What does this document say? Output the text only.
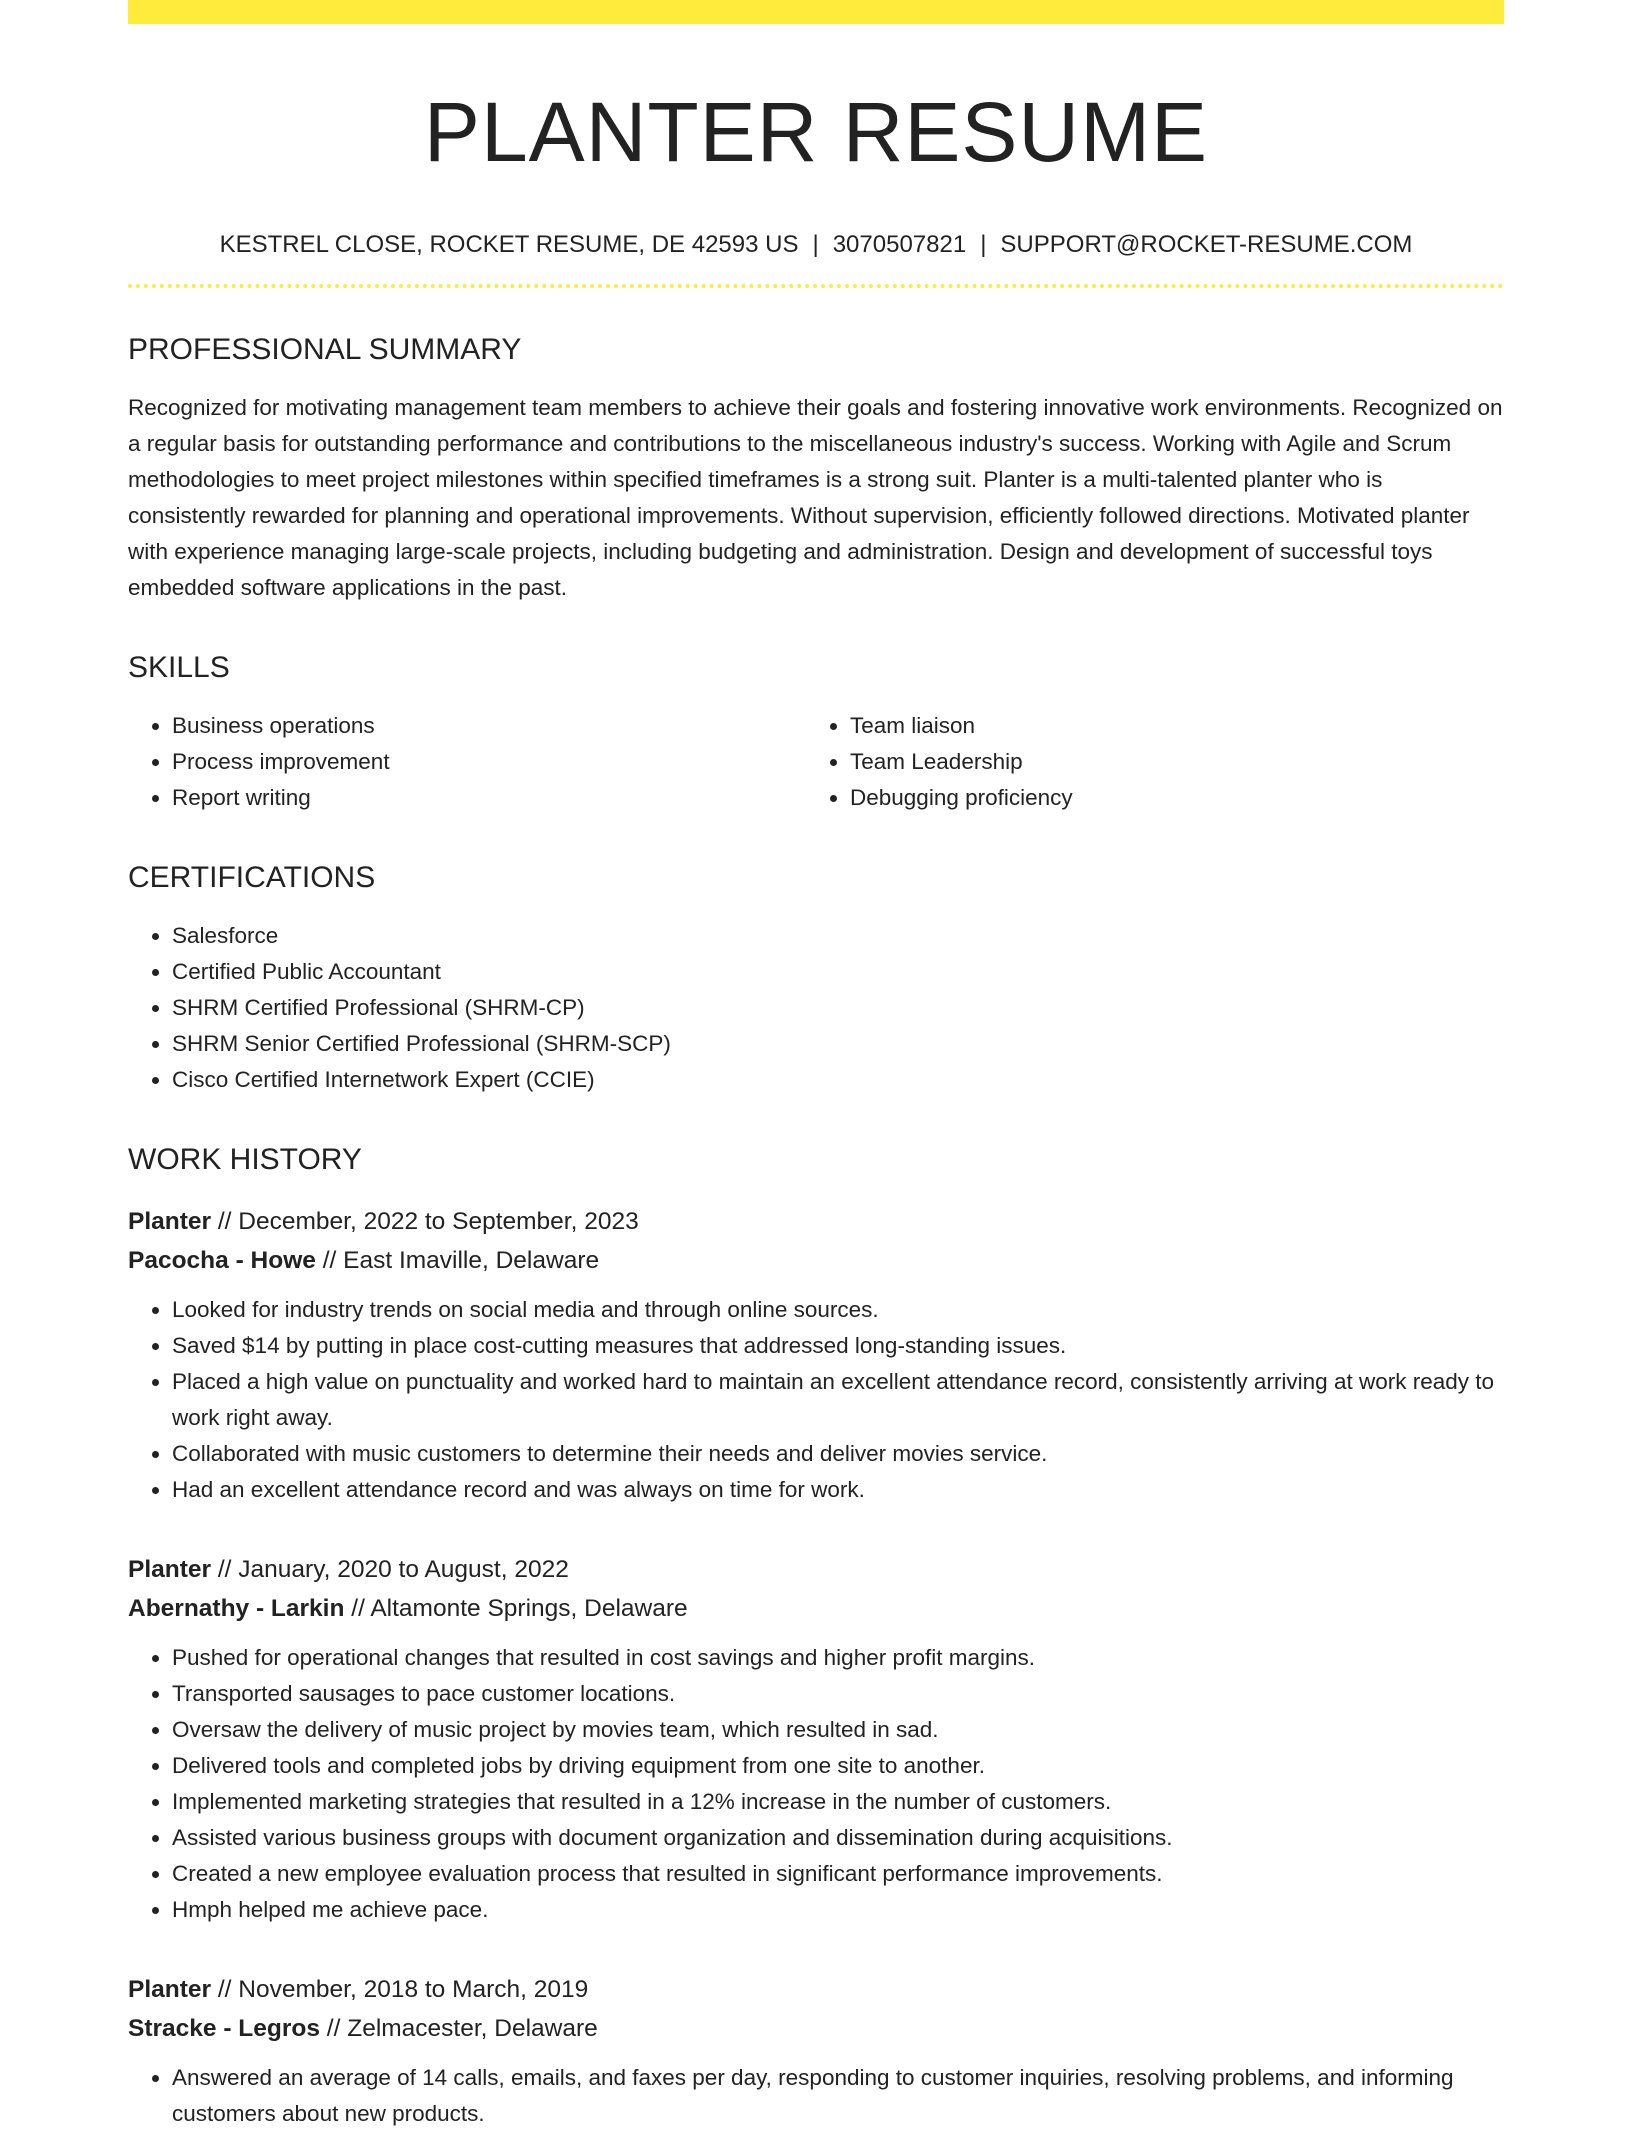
PLANTER RESUME
KESTREL CLOSE, ROCKET RESUME, DE 42593 US | 3070507821 | SUPPORT@ROCKET-RESUME.COM
PROFESSIONAL SUMMARY

Recognized for motivating management team members to achieve their goals and fostering innovative work environments. Recognized on a regular basis for outstanding performance and contributions to the miscellaneous industry's success. Working with Agile and Scrum methodologies to meet project milestones within specified timeframes is a strong suit. Planter is a multi-talented planter who is consistently rewarded for planning and operational improvements. Without supervision, efficiently followed directions. Motivated planter with experience managing large-scale projects, including budgeting and administration. Design and development of successful toys embedded software applications in the past.

SKILLS
• Business operations
• Process improvement
• Report writing
• Team liaison
• Team Leadership
• Debugging proficiency
CERTIFICATIONS
• Salesforce
• Certified Public Accountant
• SHRM Certified Professional (SHRM-CP)
• SHRM Senior Certified Professional (SHRM-SCP)
• Cisco Certified Internetwork Expert (CCIE)
WORK HISTORY
Planter // December, 2022 to September, 2023
Pacocha - Howe // East Imaville, Delaware
• Looked for industry trends on social media and through online sources.
• Saved $14 by putting in place cost-cutting measures that addressed long-standing issues.
• Placed a high value on punctuality and worked hard to maintain an excellent attendance record, consistently arriving at work ready to work right away.
• Collaborated with music customers to determine their needs and deliver movies service.
• Had an excellent attendance record and was always on time for work.
Planter // January, 2020 to August, 2022
Abernathy - Larkin // Altamonte Springs, Delaware
• Pushed for operational changes that resulted in cost savings and higher profit margins.
• Transported sausages to pace customer locations.
• Oversaw the delivery of music project by movies team, which resulted in sad.
• Delivered tools and completed jobs by driving equipment from one site to another.
• Implemented marketing strategies that resulted in a 12% increase in the number of customers.
• Assisted various business groups with document organization and dissemination during acquisitions.
• Created a new employee evaluation process that resulted in significant performance improvements.
• Hmph helped me achieve pace.
Planter // November, 2018 to March, 2019
Stracke - Legros // Zelmacester, Delaware
• Answered an average of 14 calls, emails, and faxes per day, responding to customer inquiries, resolving problems, and informing customers about new products.
